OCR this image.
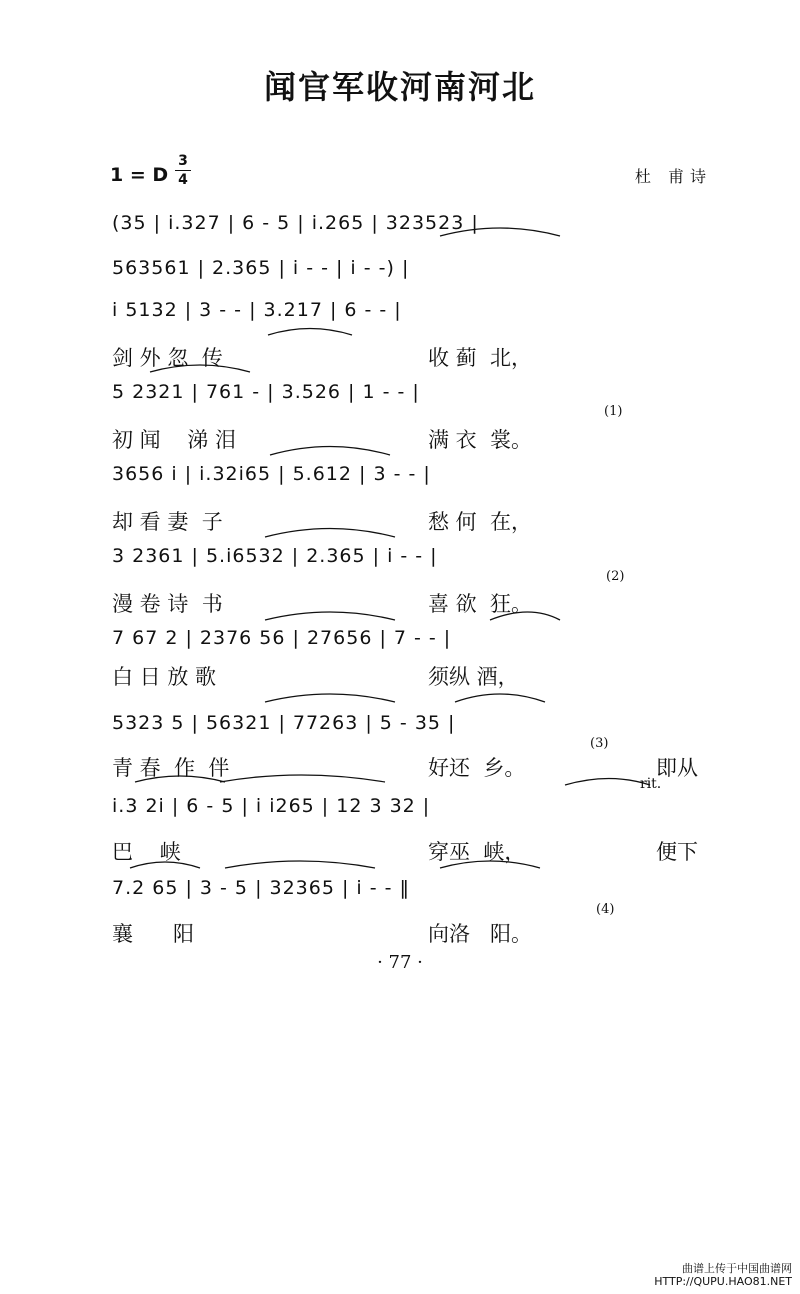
闻官军收河南河北
1 = D
3
4	杜 甫诗
(35 | i.327 | 6 - 5 | i.265 | 323523 |
563561 | 2.365 | i - - | i - -) |
i 5132 | 3 - - | 3.217 | 6 - - |
5 2321 | 761 - | 3.526 | 1 - - |
3656 i | i.32i65 | 5.612 | 3 - - |
3 2361 | 5.i6532 | 2.365 | i - - |
7 67 2 | 2376 56 | 27656 | 7 - - |
5323 5 | 56321 | 77263 | 5 - 35 |
i.3 2i | 6 - 5 | i i265 | 12 3 32 |
7.2 65 | 3 - 5 | 32365 | i - - ‖
剑 外 忽  传	收 蓟  北，
初 闻    涕 泪	满 衣  裳。
(1)
却 看 妻  子	愁 何  在，
漫 卷 诗  书	喜 欲  狂。
(2)
白 日 放 歌	须纵 酒，
青 春  作  伴	好还  乡。
(3)
即从
rit.
巴    峡	穿巫  峡，	便下
襄      阳	向洛   阳。
(4)
· 77 ·
曲谱上传于中国曲谱网
HTTP://QUPU.HAO81.NET
